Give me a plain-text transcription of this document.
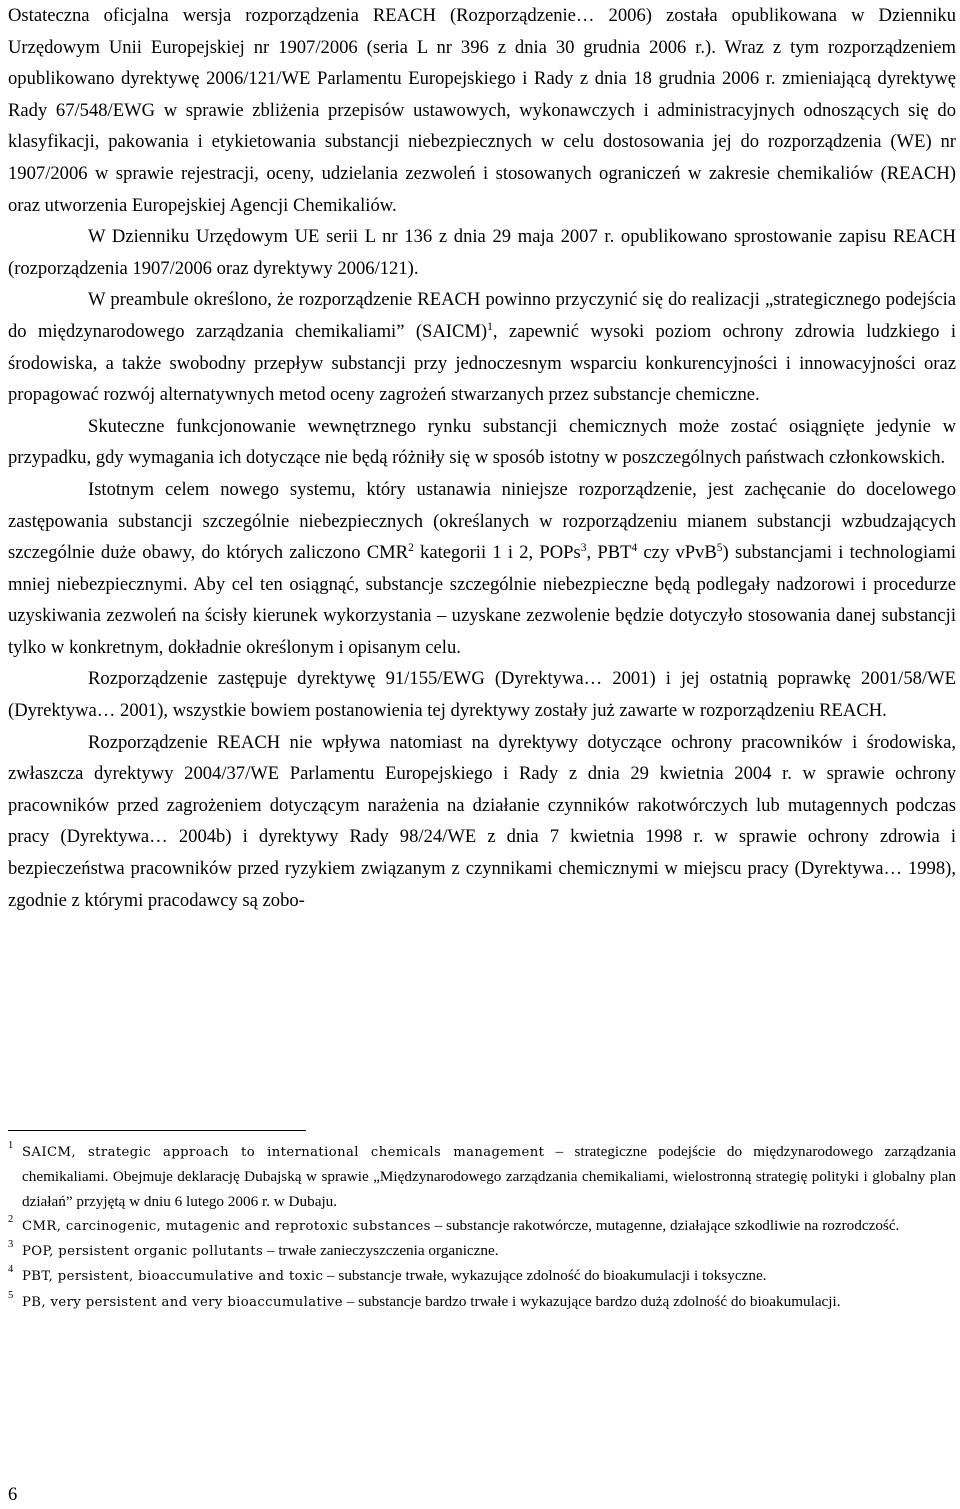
Ostateczna oficjalna wersja rozporządzenia REACH (Rozporządzenie… 2006) została opublikowana w Dzienniku Urzędowym Unii Europejskiej nr 1907/2006 (seria L nr 396 z dnia 30 grudnia 2006 r.). Wraz z tym rozporządzeniem opublikowano dyrektywę 2006/121/WE Parlamentu Europejskiego i Rady z dnia 18 grudnia 2006 r. zmieniającą dyrektywę Rady 67/548/EWG w sprawie zbliżenia przepisów ustawowych, wykonawczych i administracyjnych odnoszących się do klasyfikacji, pakowania i etykietowania substancji niebezpiecznych w celu dostosowania jej do rozporządzenia (WE) nr 1907/2006 w sprawie rejestracji, oceny, udzielania zezwoleń i stosowanych ograniczeń w zakresie chemikaliów (REACH) oraz utworzenia Europejskiej Agencji Chemikaliów.

W Dzienniku Urzędowym UE serii L nr 136 z dnia 29 maja 2007 r. opublikowano sprostowanie zapisu REACH (rozporządzenia 1907/2006 oraz dyrektywy 2006/121).

W preambule określono, że rozporządzenie REACH powinno przyczynić się do realizacji „strategicznego podejścia do międzynarodowego zarządzania chemikaliami” (SAICM)$^1$, zapewnić wysoki poziom ochrony zdrowia ludzkiego i środowiska, a także swobodny przepływ substancji przy jednoczesnym wsparciu konkurencyjności i innowacyjności oraz propagować rozwój alternatywnych metod oceny zagrożeń stwarzanych przez substancje chemiczne.

Skuteczne funkcjonowanie wewnętrznego rynku substancji chemicznych może zostać osiągnięte jedynie w przypadku, gdy wymagania ich dotyczące nie będą różniły się w sposób istotny w poszczególnych państwach członkowskich.

Istotnym celem nowego systemu, który ustanawia niniejsze rozporządzenie, jest zachęcanie do docelowego zastępowania substancji szczególnie niebezpiecznych (określanych w rozporządzeniu mianem substancji wzbudzających szczególnie duże obawy, do których zaliczono CMR$^2$ kategorii 1 i 2, POPs$^3$, PBT$^4$ czy vPvB$^5$) substancjami i technologiami mniej niebezpiecznymi. Aby cel ten osiągnąć, substancje szczególnie niebezpieczne będą podlegały nadzorowi i procedurze uzyskiwania zezwoleń na ścisły kierunek wykorzystania – uzyskane zezwolenie będzie dotyczyło stosowania danej substancji tylko w konkretnym, dokładnie określonym i opisanym celu.

Rozporządzenie zastępuje dyrektywę 91/155/EWG (Dyrektywa… 2001) i jej ostatnią poprawkę 2001/58/WE (Dyrektywa… 2001), wszystkie bowiem postanowienia tej dyrektywy zostały już zawarte w rozporządzeniu REACH.

Rozporządzenie REACH nie wpływa natomiast na dyrektywy dotyczące ochrony pracowników i środowiska, zwłaszcza dyrektywy 2004/37/WE Parlamentu Europejskiego i Rady z dnia 29 kwietnia 2004 r. w sprawie ochrony pracowników przed zagrożeniem dotyczącym narażenia na działanie czynników rakotwórczych lub mutagennych podczas pracy (Dyrektywa… 2004b) i dyrektywy Rady 98/24/WE z dnia 7 kwietnia 1998 r. w sprawie ochrony zdrowia i bezpieczeństwa pracowników przed ryzykiem związanym z czynnikami chemicznymi w miejscu pracy (Dyrektywa… 1998), zgodnie z którymi pracodawcy są zobo-

1 SAICM, strategic approach to international chemicals management – strategiczne podejście do międzynarodowego zarządzania chemikaliami. Obejmuje deklarację Dubajską w sprawie „Międzynarodowego zarządzania chemikaliami, wielostronną strategię polityki i globalny plan działań” przyjętą w dniu 6 lutego 2006 r. w Dubaju.

2 CMR, carcinogenic, mutagenic and reprotoxic substances – substancje rakotwórcze, mutagenne, działające szkodliwie na rozrodczość.

3 POP, persistent organic pollutants – trwałe zanieczyszczenia organiczne.

4 PBT, persistent, bioaccumulative and toxic – substancje trwałe, wykazujące zdolność do bioakumulacji i toksyczne.

5 PB, very persistent and very bioaccumulative – substancje bardzo trwałe i wykazujące bardzo dużą zdolność do bioakumulacji.

6
